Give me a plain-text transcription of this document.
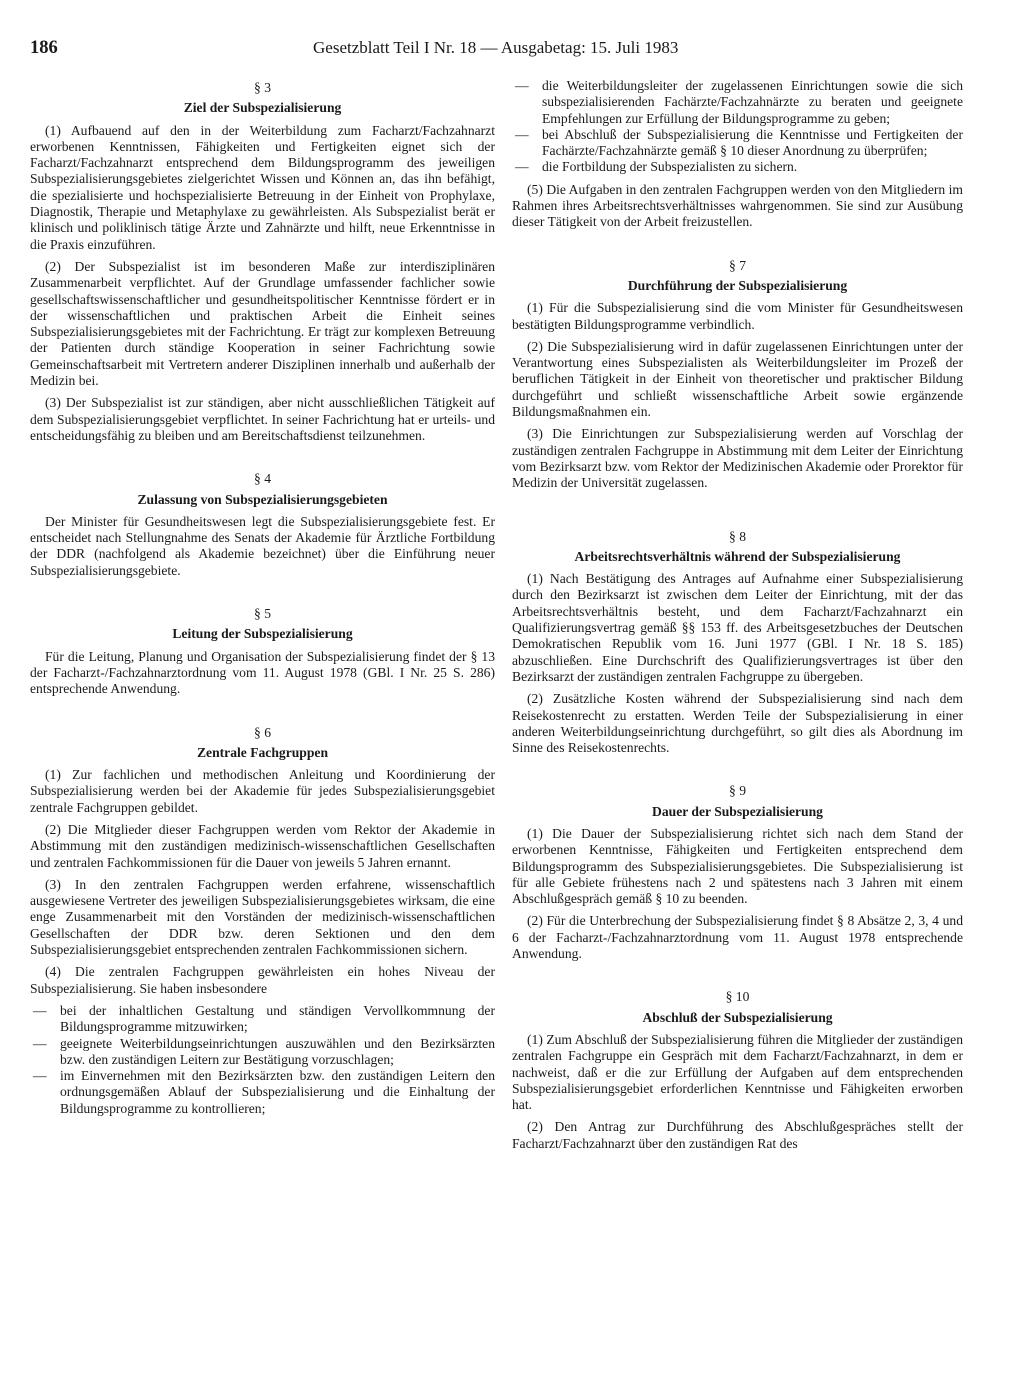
186	Gesetzblatt Teil I Nr. 18 — Ausgabetag: 15. Juli 1983
§ 3
Ziel der Subspezialisierung

(1) Aufbauend auf den in der Weiterbildung zum Facharzt/Fachzahnarzt erworbenen Kenntnissen, Fähigkeiten und Fertigkeiten eignet sich der Facharzt/Fachzahnarzt entsprechend dem Bildungsprogramm des jeweiligen Subspezialisierungsgebietes zielgerichtet Wissen und Können an, das ihn befähigt, die spezialisierte und hochspezialisierte Betreuung in der Einheit von Prophylaxe, Diagnostik, Therapie und Metaphylaxe zu gewährleisten. Als Subspezialist berät er klinisch und poliklinisch tätige Ärzte und Zahnärzte und hilft, neue Erkenntnisse in die Praxis einzuführen.

(2) Der Subspezialist ist im besonderen Maße zur interdisziplinären Zusammenarbeit verpflichtet. Auf der Grundlage umfassender fachlicher sowie gesellschaftswissenschaftlicher und gesundheitspolitischer Kenntnisse fördert er in der wissenschaftlichen und praktischen Arbeit die Einheit seines Subspezialisierungsgebietes mit der Fachrichtung. Er trägt zur komplexen Betreuung der Patienten durch ständige Kooperation in seiner Fachrichtung sowie Gemeinschaftsarbeit mit Vertretern anderer Disziplinen innerhalb und außerhalb der Medizin bei.

(3) Der Subspezialist ist zur ständigen, aber nicht ausschließlichen Tätigkeit auf dem Subspezialisierungsgebiet verpflichtet. In seiner Fachrichtung hat er urteils- und entscheidungsfähig zu bleiben und am Bereitschaftsdienst teilzunehmen.

§ 4
Zulassung von Subspezialisierungsgebieten

Der Minister für Gesundheitswesen legt die Subspezialisierungsgebiete fest. Er entscheidet nach Stellungnahme des Senats der Akademie für Ärztliche Fortbildung der DDR (nachfolgend als Akademie bezeichnet) über die Einführung neuer Subspezialisierungsgebiete.

§ 5
Leitung der Subspezialisierung

Für die Leitung, Planung und Organisation der Subspezialisierung findet der § 13 der Facharzt-/Fachzahnarztordnung vom 11. August 1978 (GBl. I Nr. 25 S. 286) entsprechende Anwendung.

§ 6
Zentrale Fachgruppen

(1) Zur fachlichen und methodischen Anleitung und Koordinierung der Subspezialisierung werden bei der Akademie für jedes Subspezialisierungsgebiet zentrale Fachgruppen gebildet.

(2) Die Mitglieder dieser Fachgruppen werden vom Rektor der Akademie in Abstimmung mit den zuständigen medizinisch-wissenschaftlichen Gesellschaften und zentralen Fachkommissionen für die Dauer von jeweils 5 Jahren ernannt.

(3) In den zentralen Fachgruppen werden erfahrene, wissenschaftlich ausgewiesene Vertreter des jeweiligen Subspezialisierungsgebietes wirksam, die eine enge Zusammenarbeit mit den Vorständen der medizinisch-wissenschaftlichen Gesellschaften der DDR bzw. deren Sektionen und den dem Subspezialisierungsgebiet entsprechenden zentralen Fachkommissionen sichern.

(4) Die zentralen Fachgruppen gewährleisten ein hohes Niveau der Subspezialisierung. Sie haben insbesondere

— bei der inhaltlichen Gestaltung und ständigen Vervollkommnung der Bildungsprogramme mitzuwirken;
— geeignete Weiterbildungseinrichtungen auszuwählen und den Bezirksärzten bzw. den zuständigen Leitern zur Bestätigung vorzuschlagen;
— im Einvernehmen mit den Bezirksärzten bzw. den zuständigen Leitern den ordnungsgemäßen Ablauf der Subspezialisierung und die Einhaltung der Bildungsprogramme zu kontrollieren;
— die Weiterbildungsleiter der zugelassenen Einrichtungen sowie die sich subspezialisierenden Fachärzte/Fachzahnärzte zu beraten und geeignete Empfehlungen zur Erfüllung der Bildungsprogramme zu geben;
— bei Abschluß der Subspezialisierung die Kenntnisse und Fertigkeiten der Fachärzte/Fachzahnärzte gemäß § 10 dieser Anordnung zu überprüfen;
— die Fortbildung der Subspezialisten zu sichern.

(5) Die Aufgaben in den zentralen Fachgruppen werden von den Mitgliedern im Rahmen ihres Arbeitsrechtsverhältnisses wahrgenommen. Sie sind zur Ausübung dieser Tätigkeit von der Arbeit freizustellen.

§ 7
Durchführung der Subspezialisierung

(1) Für die Subspezialisierung sind die vom Minister für Gesundheitswesen bestätigten Bildungsprogramme verbindlich.

(2) Die Subspezialisierung wird in dafür zugelassenen Einrichtungen unter der Verantwortung eines Subspezialisten als Weiterbildungsleiter im Prozeß der beruflichen Tätigkeit in der Einheit von theoretischer und praktischer Bildung durchgeführt und schließt wissenschaftliche Arbeit sowie ergänzende Bildungsmaßnahmen ein.

(3) Die Einrichtungen zur Subspezialisierung werden auf Vorschlag der zuständigen zentralen Fachgruppe in Abstimmung mit dem Leiter der Einrichtung vom Bezirksarzt bzw. vom Rektor der Medizinischen Akademie oder Prorektor für Medizin der Universität zugelassen.

§ 8
Arbeitsrechtsverhältnis während der Subspezialisierung

(1) Nach Bestätigung des Antrages auf Aufnahme einer Subspezialisierung durch den Bezirksarzt ist zwischen dem Leiter der Einrichtung, mit der das Arbeitsrechtsverhältnis besteht, und dem Facharzt/Fachzahnarzt ein Qualifizierungsvertrag gemäß §§ 153 ff. des Arbeitsgesetzbuches der Deutschen Demokratischen Republik vom 16. Juni 1977 (GBl. I Nr. 18 S. 185) abzuschließen. Eine Durchschrift des Qualifizierungsvertrages ist über den Bezirksarzt der zuständigen zentralen Fachgruppe zu übergeben.

(2) Zusätzliche Kosten während der Subspezialisierung sind nach dem Reisekostenrecht zu erstatten. Werden Teile der Subspezialisierung in einer anderen Weiterbildungseinrichtung durchgeführt, so gilt dies als Abordnung im Sinne des Reisekostenrechts.

§ 9
Dauer der Subspezialisierung

(1) Die Dauer der Subspezialisierung richtet sich nach dem Stand der erworbenen Kenntnisse, Fähigkeiten und Fertigkeiten entsprechend dem Bildungsprogramm des Subspezialisierungsgebietes. Die Subspezialisierung ist für alle Gebiete frühestens nach 2 und spätestens nach 3 Jahren mit einem Abschlußgespräch gemäß § 10 zu beenden.

(2) Für die Unterbrechung der Subspezialisierung findet § 8 Absätze 2, 3, 4 und 6 der Facharzt-/Fachzahnarztordnung vom 11. August 1978 entsprechende Anwendung.

§ 10
Abschluß der Subspezialisierung

(1) Zum Abschluß der Subspezialisierung führen die Mitglieder der zuständigen zentralen Fachgruppe ein Gespräch mit dem Facharzt/Fachzahnarzt, in dem er nachweist, daß er die zur Erfüllung der Aufgaben auf dem entsprechenden Subspezialisierungsgebiet erforderlichen Kenntnisse und Fähigkeiten erworben hat.

(2) Den Antrag zur Durchführung des Abschlußgespräches stellt der Facharzt/Fachzahnarzt über den zuständigen Rat des
